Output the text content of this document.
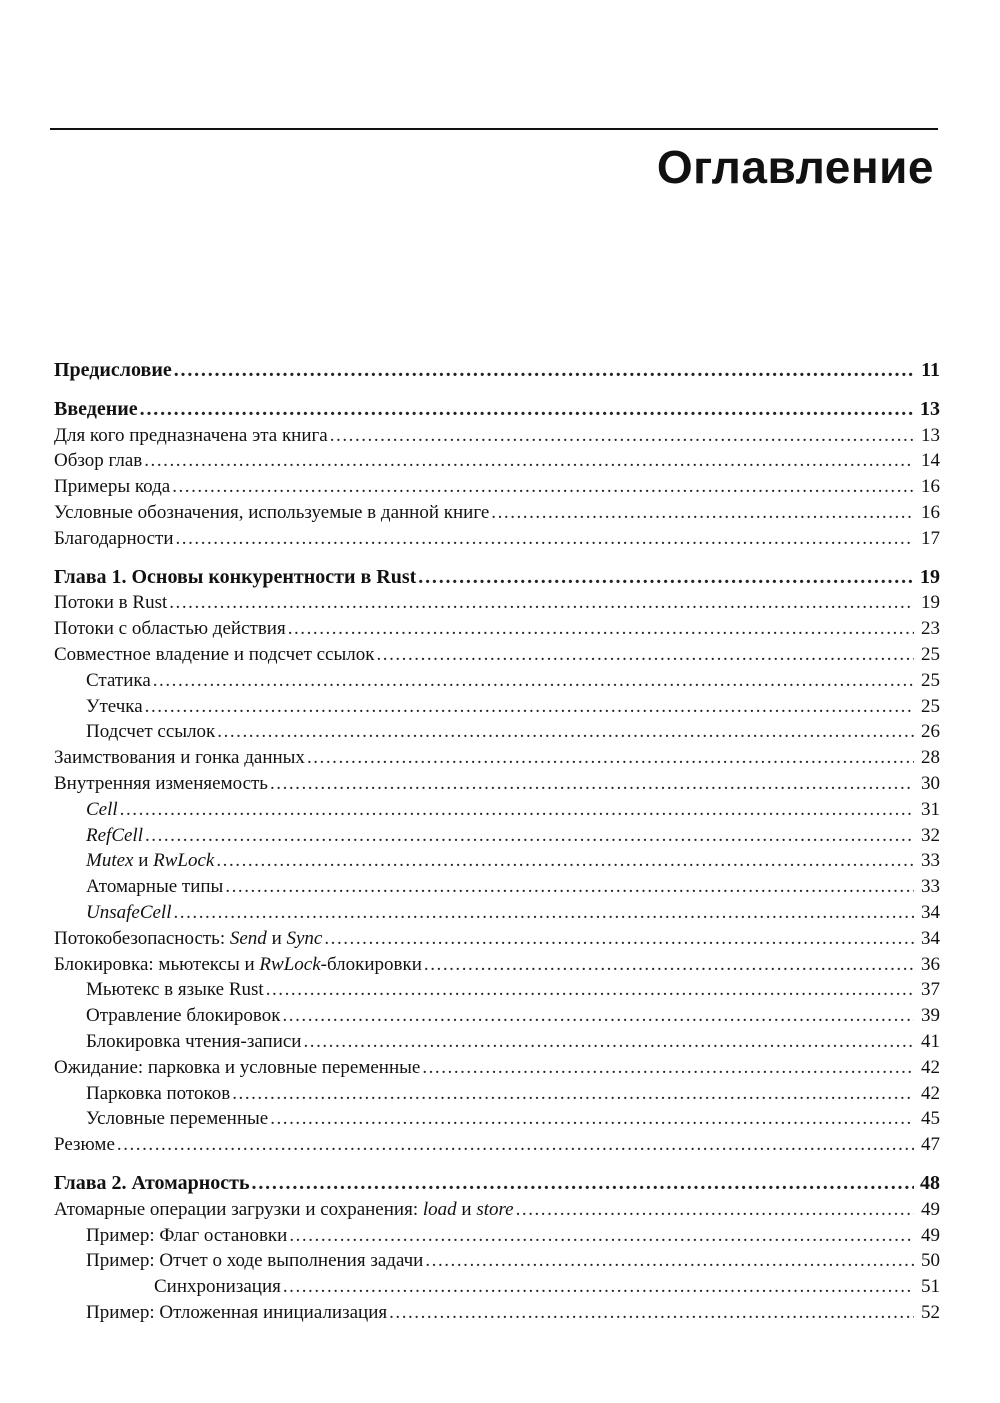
Оглавление
Предисловие . . .	11
Введение . . .	13
Для кого предназначена эта книга . . .	13
Обзор глав . . .	14
Примеры кода . . .	16
Условные обозначения, используемые в данной книге . . .	16
Благодарности . . .	17
Глава 1. Основы конкурентности в Rust . . .	19
Потоки в Rust . . .	19
Потоки с областью действия . . .	23
Совместное владение и подсчет ссылок . . .	25
Статика . . .	25
Утечка . . .	25
Подсчет ссылок . . .	26
Заимствования и гонка данных . . .	28
Внутренняя изменяемость . . .	30
Cell . . .	31
RefCell . . .	32
Mutex и RwLock . . .	33
Атомарные типы . . .	33
UnsafeCell . . .	34
Потокобезопасность: Send и Sync . . .	34
Блокировка: мьютексы и RwLock-блокировки . . .	36
Мьютекс в языке Rust . . .	37
Отравление блокировок . . .	39
Блокировка чтения-записи . . .	41
Ожидание: парковка и условные переменные . . .	42
Парковка потоков . . .	42
Условные переменные . . .	45
Резюме . . .	47
Глава 2. Атомарность . . .	48
Атомарные операции загрузки и сохранения: load и store . . .	49
Пример: Флаг остановки . . .	49
Пример: Отчет о ходе выполнения задачи . . .	50
Синхронизация . . .	51
Пример: Отложенная инициализация . . .	52
